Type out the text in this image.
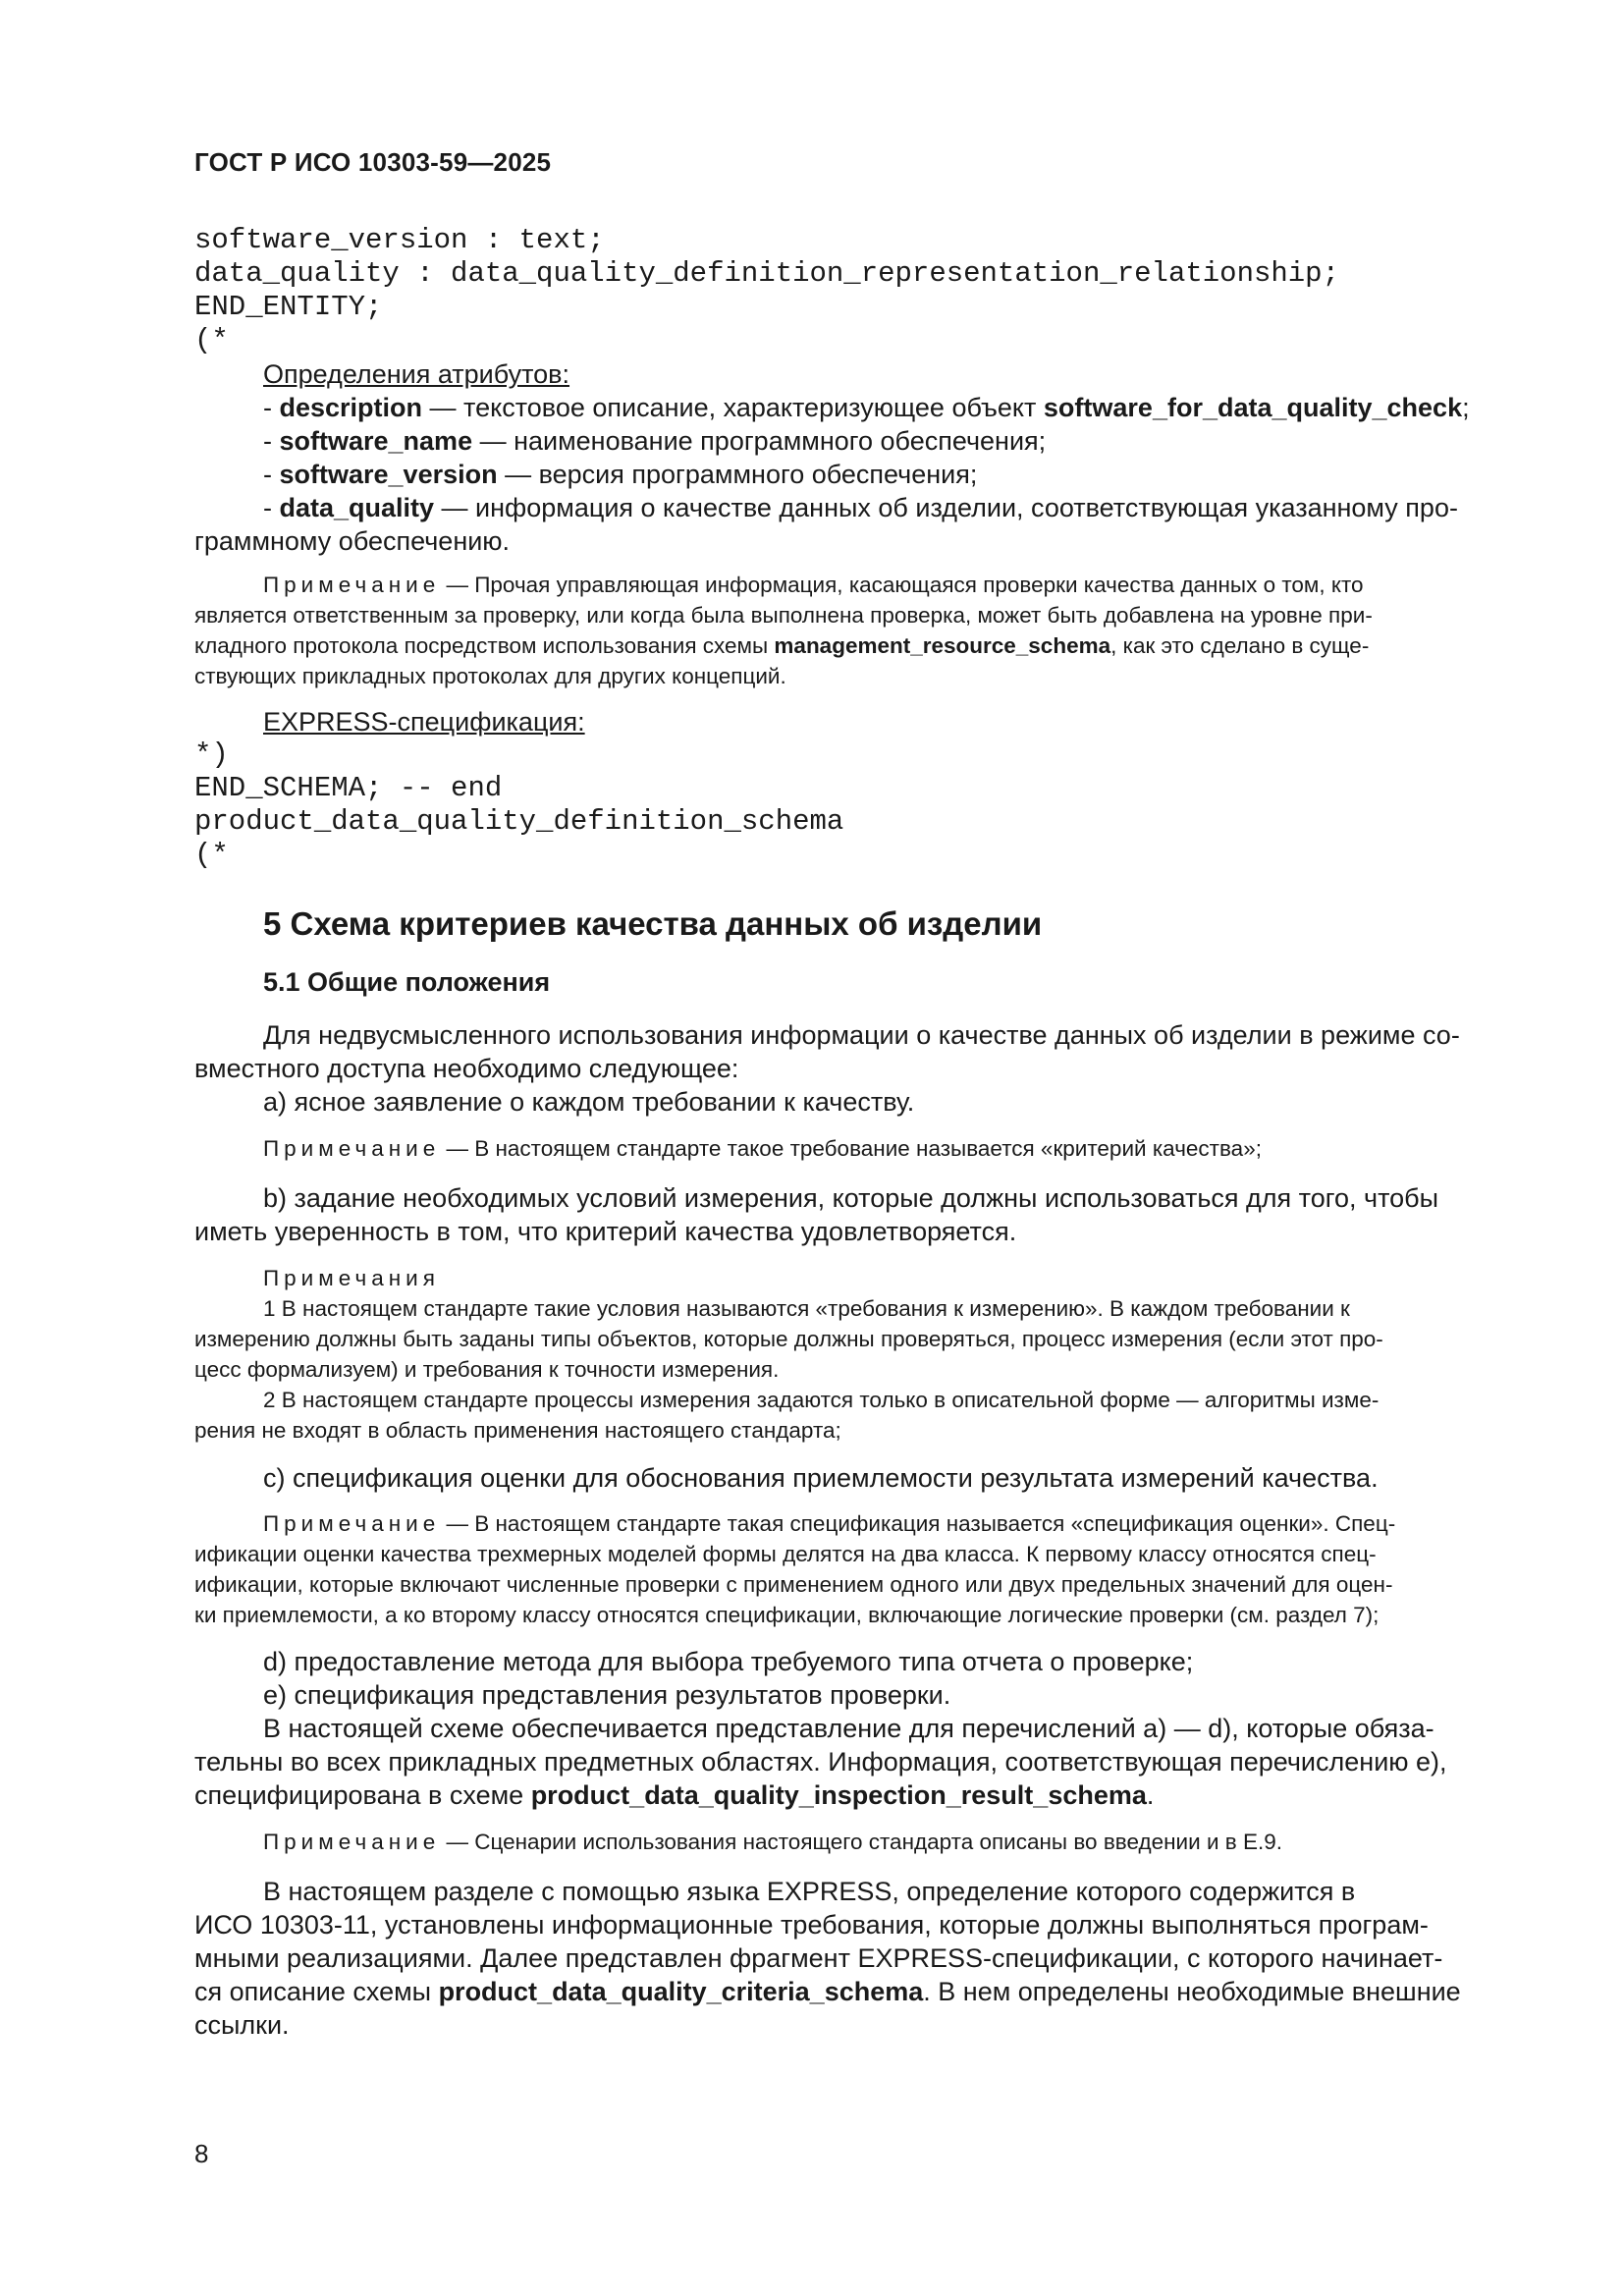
ГОСТ Р ИСО 10303-59—2025
software_version : text;
data_quality : data_quality_definition_representation_relationship;
END_ENTITY;
(*
Определения атрибутов:
- description — текстовое описание, характеризующее объект software_for_data_quality_check;
- software_name — наименование программного обеспечения;
- software_version — версия программного обеспечения;
- data_quality — информация о качестве данных об изделии, соответствующая указанному про-
граммному обеспечению.
Примечание — Прочая управляющая информация, касающаяся проверки качества данных о том, кто
является ответственным за проверку, или когда была выполнена проверка, может быть добавлена на уровне при-
кладного протокола посредством использования схемы management_resource_schema, как это сделано в суще-
ствующих прикладных протоколах для других концепций.
EXPRESS-спецификация:
*)
END_SCHEMA; -- end
product_data_quality_definition_schema
(*
5 Схема критериев качества данных об изделии
5.1 Общие положения
Для недвусмысленного использования информации о качестве данных об изделии в режиме со-
вместного доступа необходимо следующее:
a) ясное заявление о каждом требовании к качеству.
Примечание — В настоящем стандарте такое требование называется «критерий качества»;
b) задание необходимых условий измерения, которые должны использоваться для того, чтобы
иметь уверенность в том, что критерий качества удовлетворяется.
Примечания
1 В настоящем стандарте такие условия называются «требования к измерению». В каждом требовании к
измерению должны быть заданы типы объектов, которые должны проверяться, процесс измерения (если этот про-
цесс формализуем) и требования к точности измерения.
2 В настоящем стандарте процессы измерения задаются только в описательной форме — алгоритмы изме-
рения не входят в область применения настоящего стандарта;
c) спецификация оценки для обоснования приемлемости результата измерений качества.
Примечание — В настоящем стандарте такая спецификация называется «спецификация оценки». Спец-
ификации оценки качества трехмерных моделей формы делятся на два класса. К первому классу относятся спец-
ификации, которые включают численные проверки с применением одного или двух предельных значений для оцен-
ки приемлемости, а ко второму классу относятся спецификации, включающие логические проверки (см. раздел 7);
d) предоставление метода для выбора требуемого типа отчета о проверке;
e) спецификация представления результатов проверки.
В настоящей схеме обеспечивается представление для перечислений a) — d), которые обяза-
тельны во всех прикладных предметных областях. Информация, соответствующая перечислению e),
специфицирована в схеме product_data_quality_inspection_result_schema.
Примечание — Сценарии использования настоящего стандарта описаны во введении и в E.9.
В настоящем разделе с помощью языка EXPRESS, определение которого содержится в
ИСО 10303-11, установлены информационные требования, которые должны выполняться програм-
мными реализациями. Далее представлен фрагмент EXPRESS-спецификации, с которого начинает-
ся описание схемы product_data_quality_criteria_schema. В нем определены необходимые внешние
ссылки.
8
